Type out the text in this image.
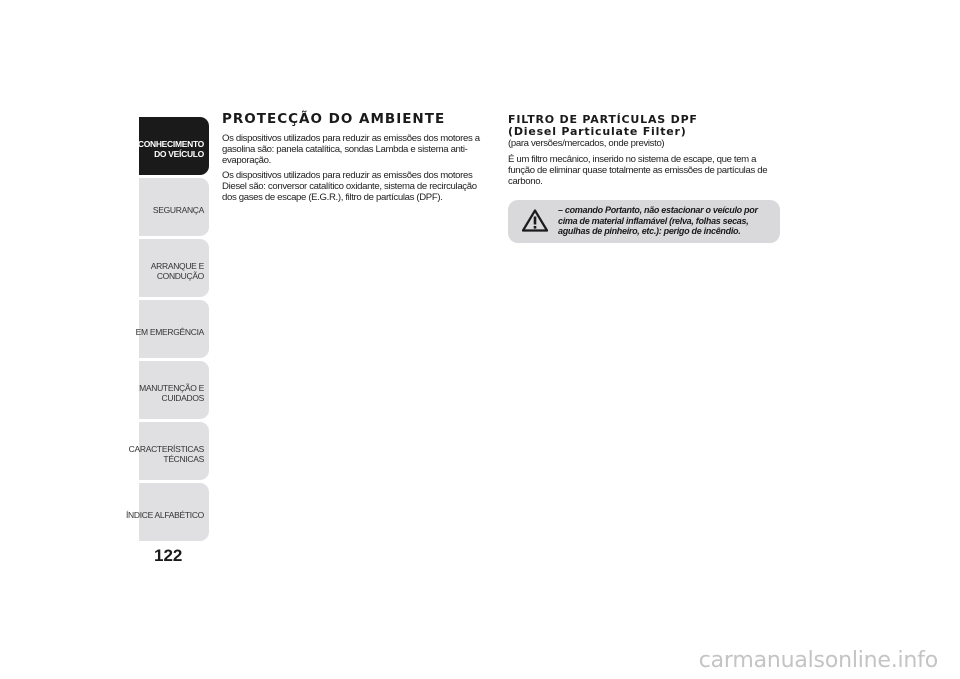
CONHECIMENTO
DO VEÍCULO
SEGURANÇA
ARRANQUE E
CONDUÇÃO
EM EMERGÊNCIA
MANUTENÇÃO E
CUIDADOS
CARACTERÍSTICAS
TÉCNICAS
ÍNDICE ALFABÉTICO
122
PROTECÇÃO DO AMBIENTE

Os dispositivos utilizados para reduzir as emissões dos motores a gasolina são: panela catalítica, sondas Lambda e sistema anti-evaporação.

Os dispositivos utilizados para reduzir as emissões dos motores Diesel são: conversor catalítico oxidante, sistema de recirculação dos gases de escape (E.G.R.), filtro de partículas (DPF).

FILTRO DE PARTÍCULAS DPF
(Diesel Particulate Filter)

(para versões/mercados, onde previsto)

É um filtro mecânico, inserido no sistema de escape, que tem a função de eliminar quase totalmente as emissões de partículas de carbono.

– comando Portanto, não estacionar o veículo por cima de material inflamável (relva, folhas secas, agulhas de pinheiro, etc.): perigo de incêndio.
carmanualsonline.info
